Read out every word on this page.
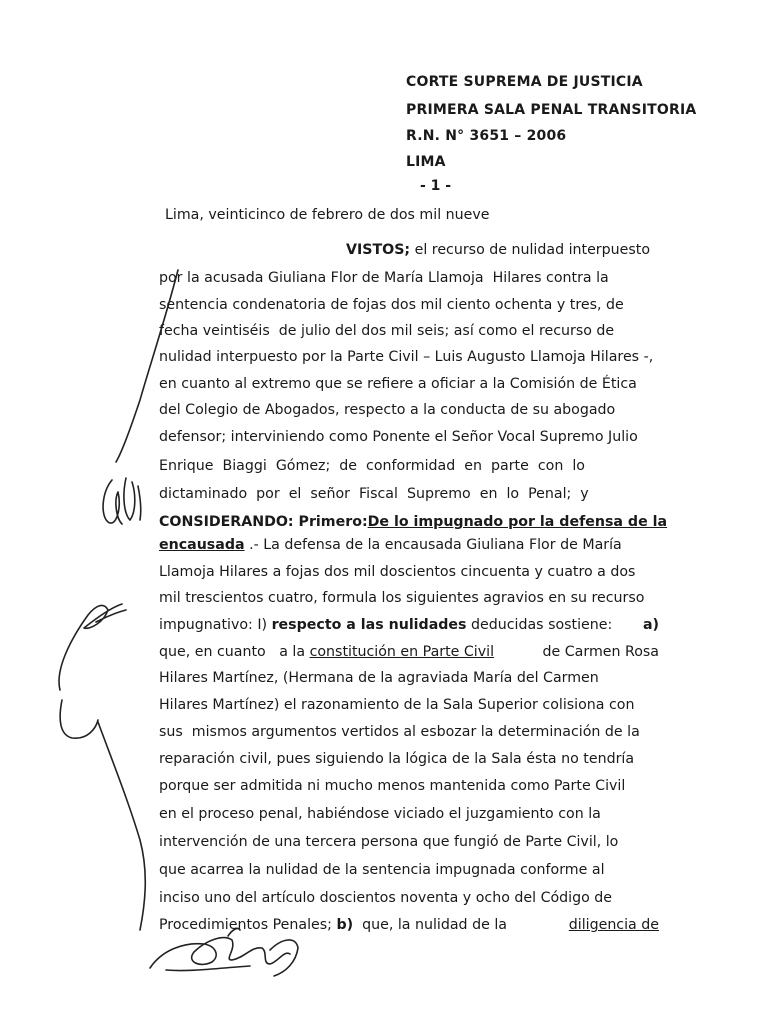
CORTE SUPREMA DE JUSTICIA
PRIMERA SALA PENAL TRANSITORIA
R.N. N° 3651 – 2006
LIMA
- 1 -
Lima, veinticinco de febrero de dos mil nueve
VISTOS; el recurso de nulidad interpuesto
por la acusada Giuliana Flor de María Llamoja  Hilares contra la
sentencia condenatoria de fojas dos mil ciento ochenta y tres, de
fecha veintiséis  de julio del dos mil seis; así como el recurso de
nulidad interpuesto por la Parte Civil – Luis Augusto Llamoja Hilares -,
en cuanto al extremo que se refiere a oficiar a la Comisión de Ética
del Colegio de Abogados, respecto a la conducta de su abogado
defensor; interviniendo como Ponente el Señor Vocal Supremo Julio
Enrique  Biaggi  Gómez;  de  conformidad  en  parte  con  lo
dictaminado  por  el  señor  Fiscal  Supremo  en  lo  Penal;  y
CONSIDERANDO: Primero: De lo impugnado por la defensa de la
encausada .- La defensa de la encausada Giuliana Flor de María
Llamoja Hilares a fojas dos mil doscientos cincuenta y cuatro a dos
mil trescientos cuatro, formula los siguientes agravios en su recurso
impugnativo: I) respecto a las nulidades deducidas sostiene: a)
que, en cuanto   a la constitución en Parte Civil	de Carmen Rosa
Hilares Martínez, (Hermana de la agraviada María del Carmen
Hilares Martínez) el razonamiento de la Sala Superior colisiona con
sus  mismos argumentos vertidos al esbozar la determinación de la
reparación civil, pues siguiendo la lógica de la Sala ésta no tendría
porque ser admitida ni mucho menos mantenida como Parte Civil
en el proceso penal, habiéndose viciado el juzgamiento con la
intervención de una tercera persona que fungió de Parte Civil, lo
que acarrea la nulidad de la sentencia impugnada conforme al
inciso uno del artículo doscientos noventa y ocho del Código de
Procedimientos Penales; b)  que, la nulidad de la	diligencia de
